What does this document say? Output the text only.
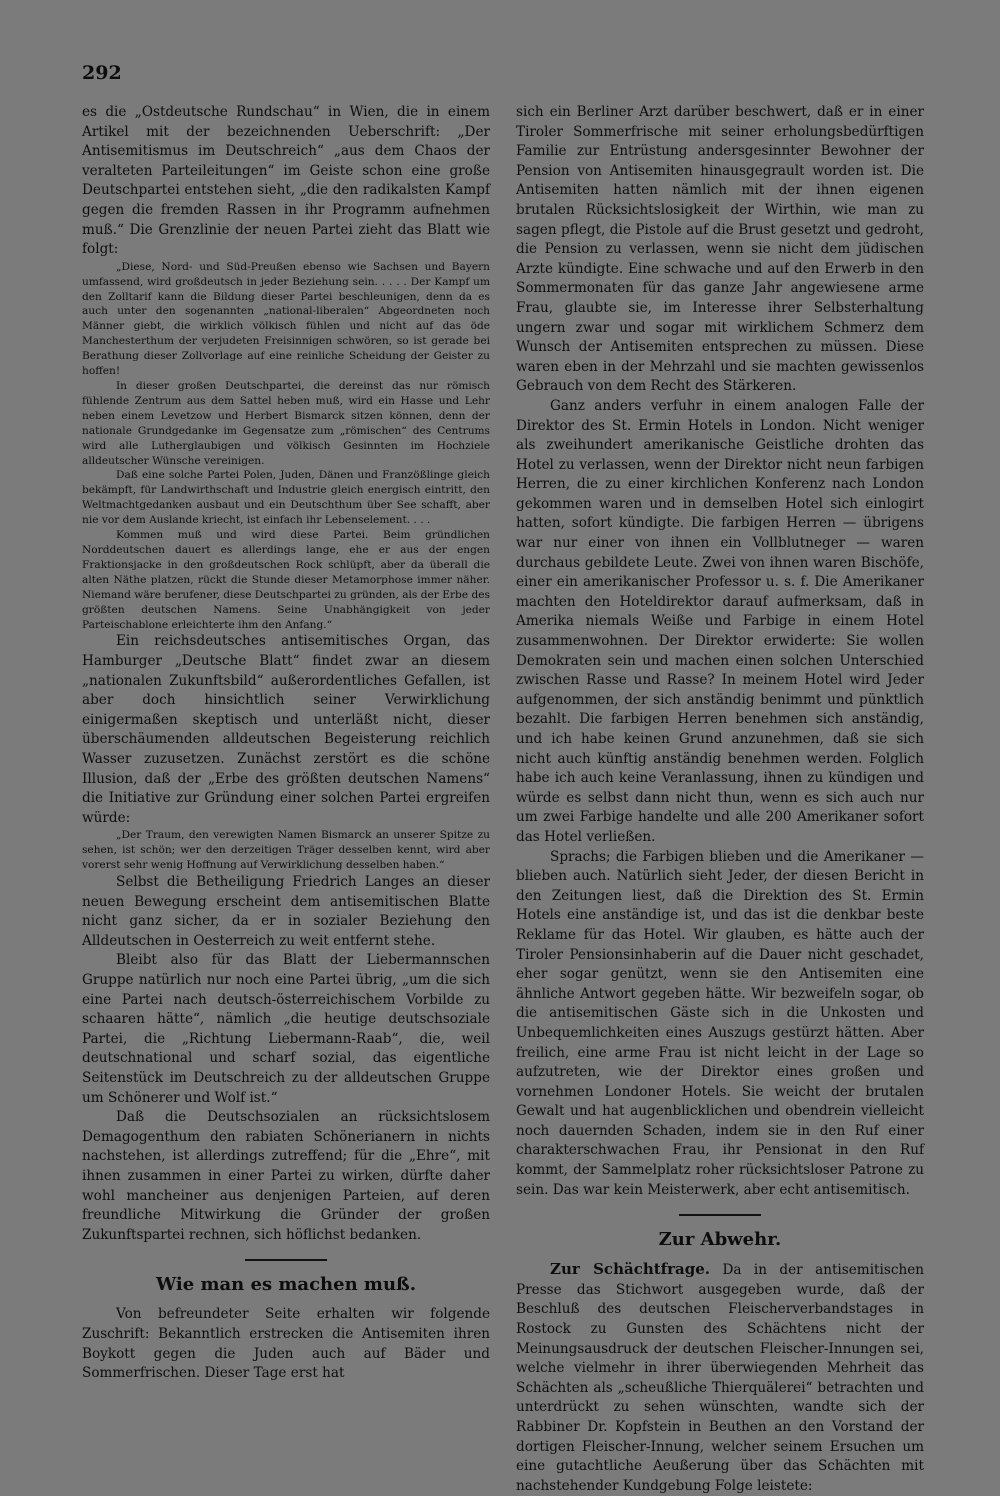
292

es die „Ostdeutsche Rundschau“ in Wien, die in einem Artikel mit der bezeichnenden Ueberschrift: „Der Antisemitismus im Deutschreich“ „aus dem Chaos der veralteten Parteileitungen“ im Geiste schon eine große Deutschpartei entstehen sieht, „die den radikalsten Kampf gegen die fremden Rassen in ihr Programm aufnehmen muß.“ Die Grenzlinie der neuen Partei zieht das Blatt wie folgt:

„Diese, Nord- und Süd-Preußen ebenso wie Sachsen und Bayern umfassend, wird großdeutsch in jeder Beziehung sein. . . . . Der Kampf um den Zolltarif kann die Bildung dieser Partei beschleunigen, denn da es auch unter den sogenannten „national-liberalen“ Abgeordneten noch Männer giebt, die wirklich völkisch fühlen und nicht auf das öde Manchesterthum der verjudeten Freisinnigen schwören, so ist gerade bei Berathung dieser Zollvorlage auf eine reinliche Scheidung der Geister zu hoffen!

In dieser großen Deutschpartei, die dereinst das nur römisch fühlende Zentrum aus dem Sattel heben muß, wird ein Hasse und Lehr neben einem Levetzow und Herbert Bismarck sitzen können, denn der nationale Grundgedanke im Gegensatze zum „römischen“ des Centrums wird alle Lutherglaubigen und völkisch Gesinnten im Hochziele alldeutscher Wünsche vereinigen.

Daß eine solche Partei Polen, Juden, Dänen und Franzößlinge gleich bekämpft, für Landwirthschaft und Industrie gleich energisch eintritt, den Weltmachtgedanken ausbaut und ein Deutschthum über See schafft, aber nie vor dem Auslande kriecht, ist einfach ihr Lebenselement. . . .

Kommen muß und wird diese Partei. Beim gründlichen Norddeutschen dauert es allerdings lange, ehe er aus der engen Fraktionsjacke in den großdeutschen Rock schlüpft, aber da überall die alten Näthe platzen, rückt die Stunde dieser Metamorphose immer näher. Niemand wäre berufener, diese Deutschpartei zu gründen, als der Erbe des größten deutschen Namens. Seine Unabhängigkeit von jeder Parteischablone erleichterte ihm den Anfang.“

Ein reichsdeutsches antisemitisches Organ, das Hamburger „Deutsche Blatt“ findet zwar an diesem „nationalen Zukunftsbild“ außerordentliches Gefallen, ist aber doch hinsichtlich seiner Verwirklichung einigermaßen skeptisch und unterläßt nicht, dieser überschäumenden alldeutschen Begeisterung reichlich Wasser zuzusetzen. Zunächst zerstört es die schöne Illusion, daß der „Erbe des größten deutschen Namens“ die Initiative zur Gründung einer solchen Partei ergreifen würde:

„Der Traum, den verewigten Namen Bismarck an unserer Spitze zu sehen, ist schön; wer den derzeitigen Träger desselben kennt, wird aber vorerst sehr wenig Hoffnung auf Verwirklichung desselben haben.“

Selbst die Betheiligung Friedrich Langes an dieser neuen Bewegung erscheint dem antisemitischen Blatte nicht ganz sicher, da er in sozialer Beziehung den Alldeutschen in Oesterreich zu weit entfernt stehe.

Bleibt also für das Blatt der Liebermannschen Gruppe natürlich nur noch eine Partei übrig, „um die sich eine Partei nach deutsch-österreichischem Vorbilde zu schaaren hätte“, nämlich „die heutige deutschsoziale Partei, die „Richtung Liebermann-Raab“, die, weil deutschnational und scharf sozial, das eigentliche Seitenstück im Deutschreich zu der alldeutschen Gruppe um Schönerer und Wolf ist.“

Daß die Deutschsozialen an rücksichtslosem Demagogenthum den rabiaten Schönerianern in nichts nachstehen, ist allerdings zutreffend; für die „Ehre“, mit ihnen zusammen in einer Partei zu wirken, dürfte daher wohl mancheiner aus denjenigen Parteien, auf deren freundliche Mitwirkung die Gründer der großen Zukunftspartei rechnen, sich höflichst bedanken.

Wie man es machen muß.

Von befreundeter Seite erhalten wir folgende Zuschrift: Bekanntlich erstrecken die Antisemiten ihren Boykott gegen die Juden auch auf Bäder und Sommerfrischen. Dieser Tage erst hat

sich ein Berliner Arzt darüber beschwert, daß er in einer Tiroler Sommerfrische mit seiner erholungsbedürftigen Familie zur Entrüstung andersgesinnter Bewohner der Pension von Antisemiten hinausgegrault worden ist. Die Antisemiten hatten nämlich mit der ihnen eigenen brutalen Rücksichtslosigkeit der Wirthin, wie man zu sagen pflegt, die Pistole auf die Brust gesetzt und gedroht, die Pension zu verlassen, wenn sie nicht dem jüdischen Arzte kündigte. Eine schwache und auf den Erwerb in den Sommermonaten für das ganze Jahr angewiesene arme Frau, glaubte sie, im Interesse ihrer Selbsterhaltung ungern zwar und sogar mit wirklichem Schmerz dem Wunsch der Antisemiten entsprechen zu müssen. Diese waren eben in der Mehrzahl und sie machten gewissenlos Gebrauch von dem Recht des Stärkeren.

Ganz anders verfuhr in einem analogen Falle der Direktor des St. Ermin Hotels in London. Nicht weniger als zweihundert amerikanische Geistliche drohten das Hotel zu verlassen, wenn der Direktor nicht neun farbigen Herren, die zu einer kirchlichen Konferenz nach London gekommen waren und in demselben Hotel sich einlogirt hatten, sofort kündigte. Die farbigen Herren — übrigens war nur einer von ihnen ein Vollblutneger — waren durchaus gebildete Leute. Zwei von ihnen waren Bischöfe, einer ein amerikanischer Professor u. s. f. Die Amerikaner machten den Hoteldirektor darauf aufmerksam, daß in Amerika niemals Weiße und Farbige in einem Hotel zusammenwohnen. Der Direktor erwiderte: Sie wollen Demokraten sein und machen einen solchen Unterschied zwischen Rasse und Rasse? In meinem Hotel wird Jeder aufgenommen, der sich anständig benimmt und pünktlich bezahlt. Die farbigen Herren benehmen sich anständig, und ich habe keinen Grund anzunehmen, daß sie sich nicht auch künftig anständig benehmen werden. Folglich habe ich auch keine Veranlassung, ihnen zu kündigen und würde es selbst dann nicht thun, wenn es sich auch nur um zwei Farbige handelte und alle 200 Amerikaner sofort das Hotel verließen.

Sprachs; die Farbigen blieben und die Amerikaner — blieben auch. Natürlich sieht Jeder, der diesen Bericht in den Zeitungen liest, daß die Direktion des St. Ermin Hotels eine anständige ist, und das ist die denkbar beste Reklame für das Hotel. Wir glauben, es hätte auch der Tiroler Pensionsinhaberin auf die Dauer nicht geschadet, eher sogar genützt, wenn sie den Antisemiten eine ähnliche Antwort gegeben hätte. Wir bezweifeln sogar, ob die antisemitischen Gäste sich in die Unkosten und Unbequemlichkeiten eines Auszugs gestürzt hätten. Aber freilich, eine arme Frau ist nicht leicht in der Lage so aufzutreten, wie der Direktor eines großen und vornehmen Londoner Hotels. Sie weicht der brutalen Gewalt und hat augenblicklichen und obendrein vielleicht noch dauernden Schaden, indem sie in den Ruf einer charakterschwachen Frau, ihr Pensionat in den Ruf kommt, der Sammelplatz roher rücksichtsloser Patrone zu sein. Das war kein Meisterwerk, aber echt antisemitisch.

Zur Abwehr.

Zur Schächtfrage. Da in der antisemitischen Presse das Stichwort ausgegeben wurde, daß der Beschluß des deutschen Fleischerverbandstages in Rostock zu Gunsten des Schächtens nicht der Meinungsausdruck der deutschen Fleischer-Innungen sei, welche vielmehr in ihrer überwiegenden Mehrheit das Schächten als „scheußliche Thierquälerei“ betrachten und unterdrückt zu sehen wünschten, wandte sich der Rabbiner Dr. Kopfstein in Beuthen an den Vorstand der dortigen Fleischer-Innung, welcher seinem Ersuchen um eine gutachtliche Aeußerung über das Schächten mit nachstehender Kundgebung Folge leistete:
